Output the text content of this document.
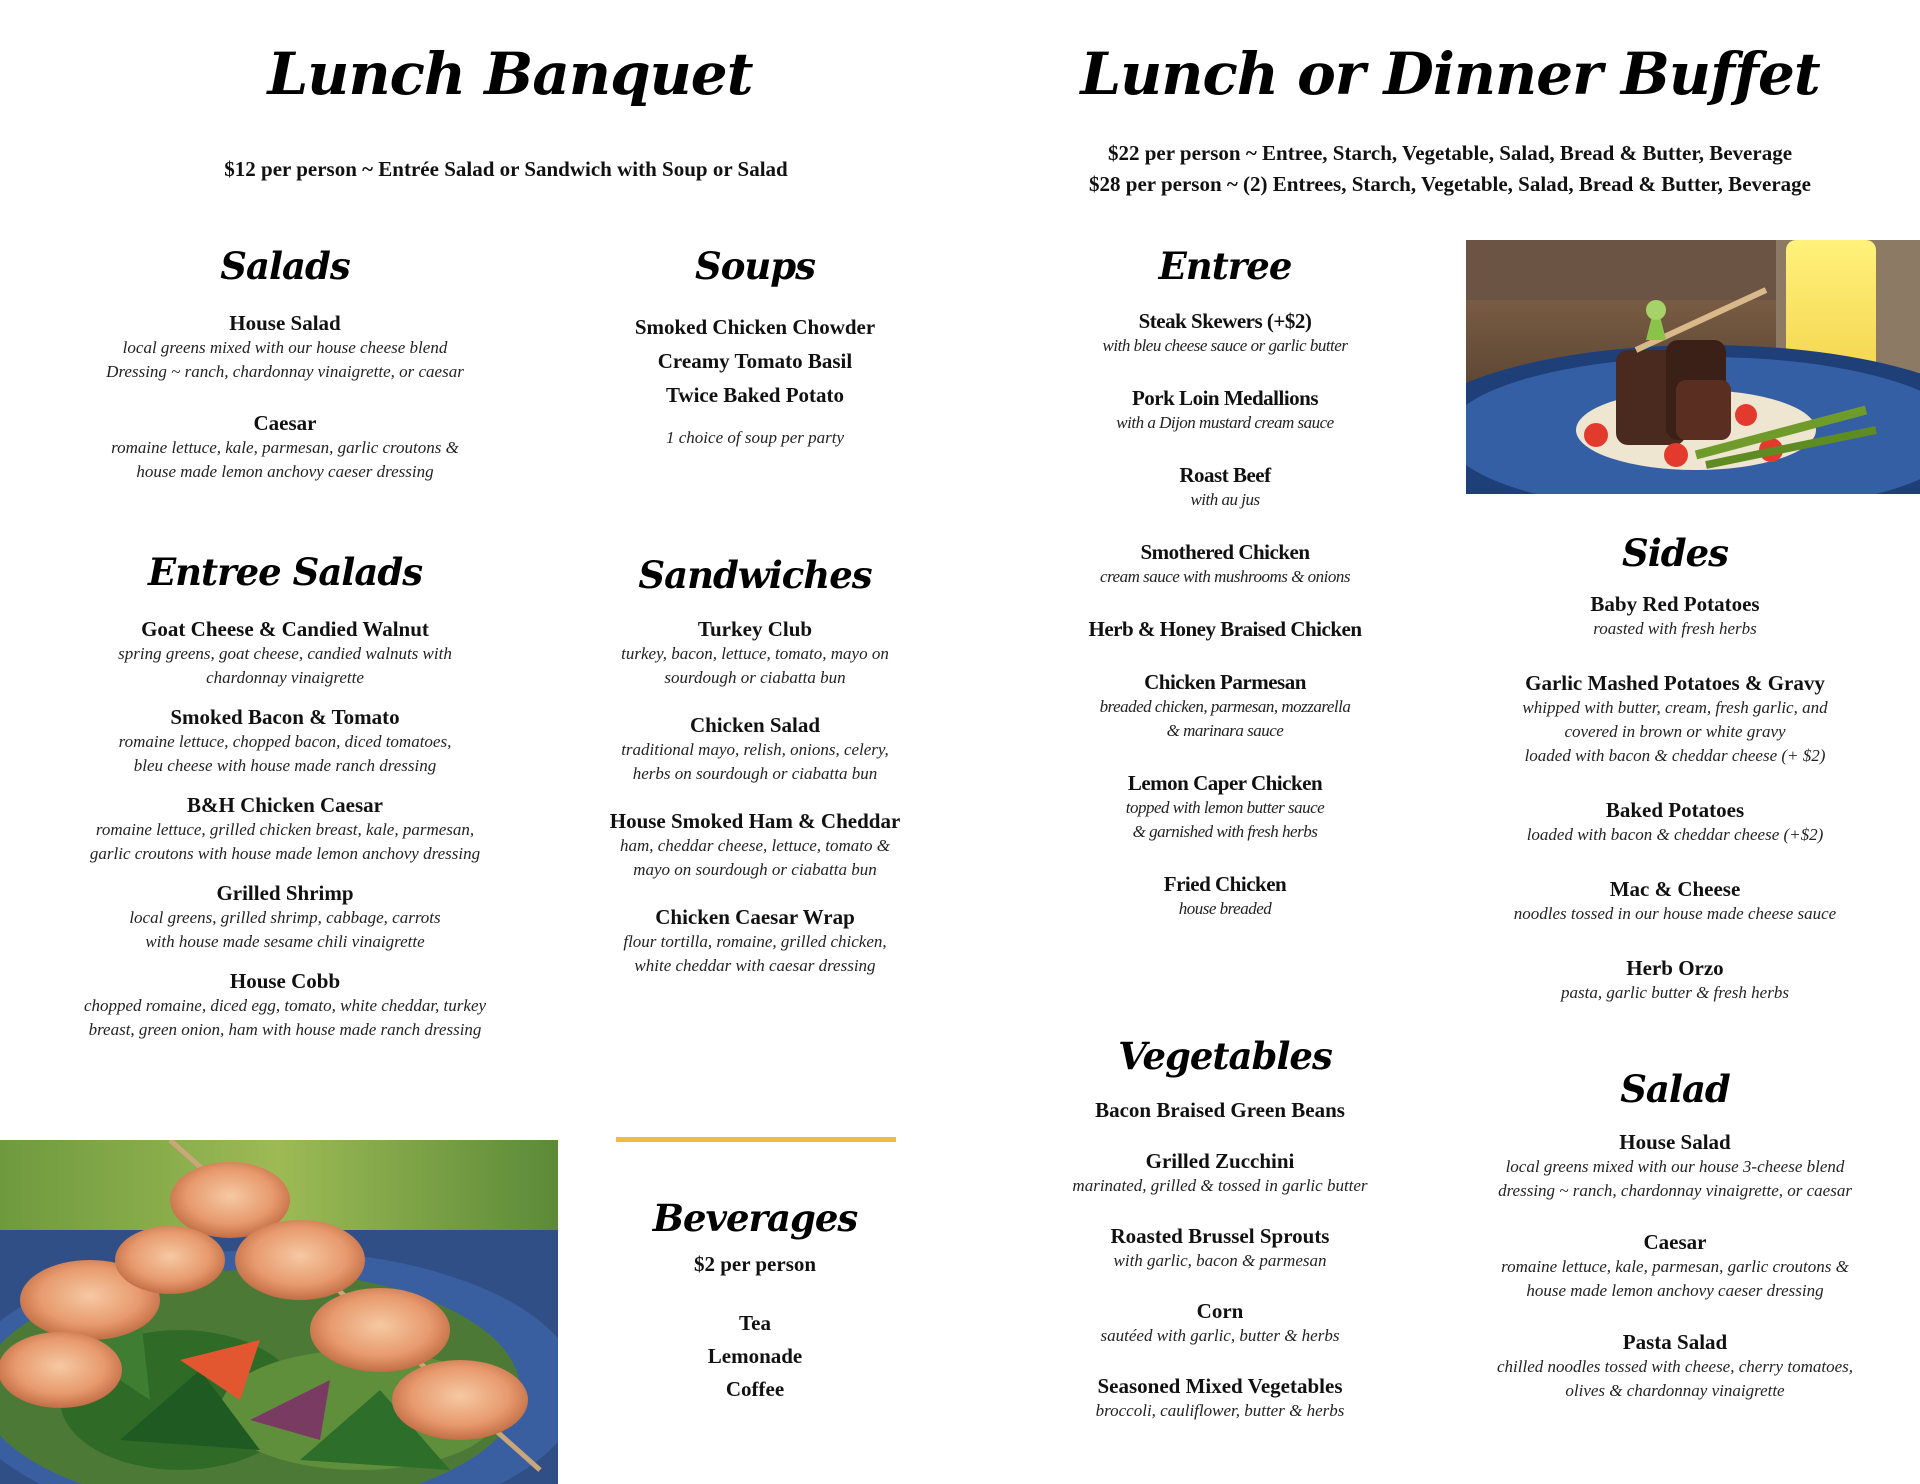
Lunch Banquet
$12 per person ~ Entrée Salad or Sandwich with Soup or Salad
Salads
House Salad
local greens mixed with our house cheese blend
Dressing ~ ranch, chardonnay vinaigrette, or caesar
Caesar
romaine lettuce, kale, parmesan, garlic croutons &
house made lemon anchovy caeser dressing
Soups
Smoked Chicken Chowder
Creamy Tomato Basil
Twice Baked Potato
1 choice of soup per party
Entree Salads
Goat Cheese & Candied Walnut
spring greens, goat cheese, candied walnuts with
chardonnay vinaigrette
Smoked Bacon & Tomato
romaine lettuce, chopped bacon, diced tomatoes,
bleu cheese with house made ranch dressing
B&H Chicken Caesar
romaine lettuce, grilled chicken breast, kale, parmesan,
garlic croutons with house made lemon anchovy dressing
Grilled Shrimp
local greens, grilled shrimp, cabbage, carrots
with house made sesame chili vinaigrette
House Cobb
chopped romaine, diced egg, tomato, white cheddar, turkey
breast, green onion, ham with house made ranch dressing
Sandwiches
Turkey Club
turkey, bacon, lettuce, tomato, mayo on
sourdough or ciabatta bun
Chicken Salad
traditional mayo, relish, onions, celery,
herbs on sourdough or ciabatta bun
House Smoked Ham & Cheddar
ham, cheddar cheese, lettuce, tomato &
mayo on sourdough or ciabatta bun
Chicken Caesar Wrap
flour tortilla, romaine, grilled chicken,
white cheddar with caesar dressing
Beverages
$2 per person
Tea
Lemonade
Coffee
Lunch or Dinner Buffet
$22 per person ~ Entree, Starch, Vegetable, Salad, Bread & Butter, Beverage
$28 per person ~ (2) Entrees, Starch, Vegetable, Salad, Bread & Butter, Beverage
Entree
Steak Skewers (+$2)
with bleu cheese sauce or garlic butter
Pork Loin Medallions
with a Dijon mustard cream sauce
Roast Beef
with au jus
Smothered Chicken
cream sauce with mushrooms & onions
Herb & Honey Braised Chicken
Chicken Parmesan
breaded chicken, parmesan, mozzarella
& marinara sauce
Lemon Caper Chicken
topped with lemon butter sauce
& garnished with fresh herbs
Fried Chicken
house breaded
Sides
Baby Red Potatoes
roasted with fresh herbs
Garlic Mashed Potatoes & Gravy
whipped with butter, cream, fresh garlic, and
covered in brown or white gravy
loaded with bacon & cheddar cheese (+ $2)
Baked Potatoes
loaded with bacon & cheddar cheese (+$2)
Mac & Cheese
noodles tossed in our house made cheese sauce
Herb Orzo
pasta, garlic butter & fresh herbs
Vegetables
Bacon Braised Green Beans
Grilled Zucchini
marinated, grilled & tossed in garlic butter
Roasted Brussel Sprouts
with garlic, bacon & parmesan
Corn
sautéed with garlic, butter & herbs
Seasoned Mixed Vegetables
broccoli, cauliflower, butter & herbs
Salad
House Salad
local greens mixed with our house 3-cheese blend
dressing ~ ranch, chardonnay vinaigrette, or caesar
Caesar
romaine lettuce, kale, parmesan, garlic croutons &
house made lemon anchovy caeser dressing
Pasta Salad
chilled noodles tossed with cheese, cherry tomatoes,
olives & chardonnay vinaigrette
